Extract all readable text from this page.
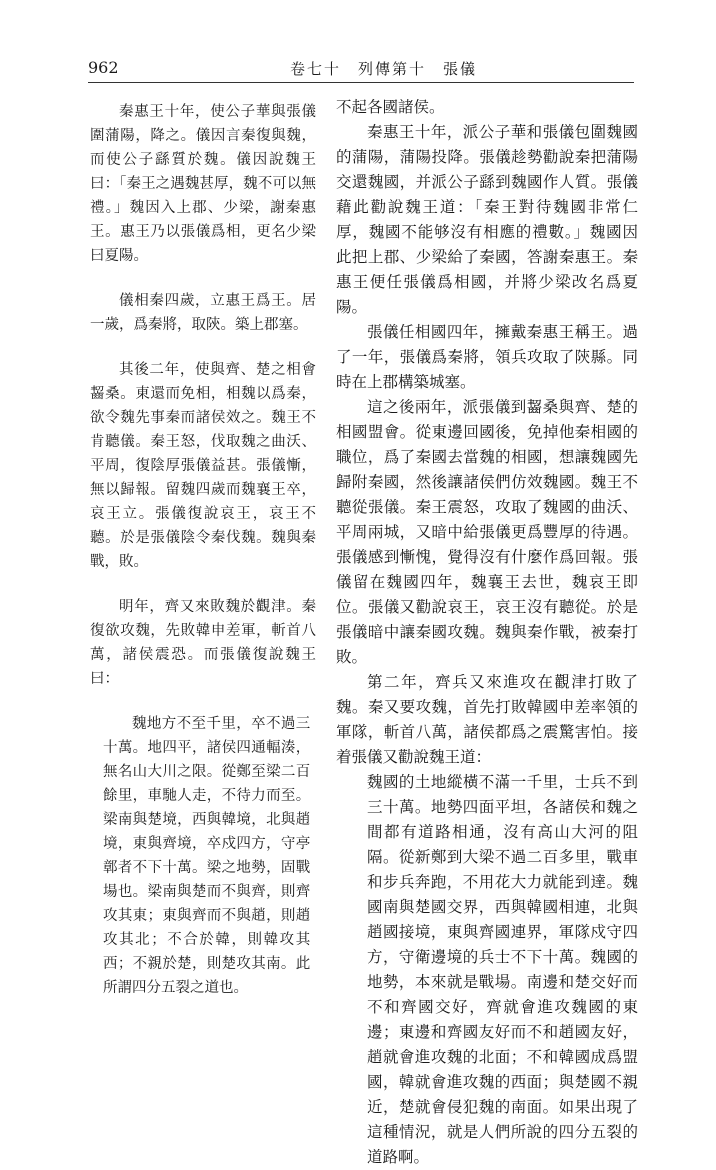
962	卷七十　列傳第十　張儀

秦惠王十年，使公子華與張儀圍蒲陽，降之。儀因言秦復與魏，而使公子繇質於魏。儀因說魏王曰：「秦王之遇魏甚厚，魏不可以無禮。」魏因入上郡、少梁，謝秦惠王。惠王乃以張儀爲相，更名少梁曰夏陽。

儀相秦四歲，立惠王爲王。居一歲，爲秦將，取陝。築上郡塞。

其後二年，使與齊、楚之相會齧桑。東還而免相，相魏以爲秦，欲令魏先事秦而諸侯效之。魏王不肯聽儀。秦王怒，伐取魏之曲沃、平周，復陰厚張儀益甚。張儀慚，無以歸報。留魏四歲而魏襄王卒，哀王立。張儀復說哀王，哀王不聽。於是張儀陰令秦伐魏。魏與秦戰，敗。

明年，齊又來敗魏於觀津。秦復欲攻魏，先敗韓申差軍，斬首八萬，諸侯震恐。而張儀復說魏王曰：

魏地方不至千里，卒不過三十萬。地四平，諸侯四通輻湊，無名山大川之限。從鄭至梁二百餘里，車馳人走，不待力而至。梁南與楚境，西與韓境，北與趙境，東與齊境，卒戍四方，守亭鄣者不下十萬。梁之地勢，固戰場也。梁南與楚而不與齊，則齊攻其東；東與齊而不與趙，則趙攻其北；不合於韓，則韓攻其西；不親於楚，則楚攻其南。此所謂四分五裂之道也。

不起各國諸侯。

秦惠王十年，派公子華和張儀包圍魏國的蒲陽，蒲陽投降。張儀趁勢勸說秦把蒲陽交還魏國，并派公子繇到魏國作人質。張儀藉此勸說魏王道：「秦王對待魏國非常仁厚，魏國不能够沒有相應的禮數。」魏國因此把上郡、少梁給了秦國，答謝秦惠王。秦惠王便任張儀爲相國，并將少梁改名爲夏陽。

張儀任相國四年，擁戴秦惠王稱王。過了一年，張儀爲秦將，領兵攻取了陝縣。同時在上郡構築城塞。

這之後兩年，派張儀到齧桑與齊、楚的相國盟會。從東邊回國後，免掉他秦相國的職位，爲了秦國去當魏的相國，想讓魏國先歸附秦國，然後讓諸侯們仿效魏國。魏王不聽從張儀。秦王震怒，攻取了魏國的曲沃、平周兩城，又暗中給張儀更爲豐厚的待遇。張儀感到慚愧，覺得沒有什麼作爲回報。張儀留在魏國四年，魏襄王去世，魏哀王即位。張儀又勸說哀王，哀王沒有聽從。於是張儀暗中讓秦國攻魏。魏與秦作戰，被秦打敗。

第二年，齊兵又來進攻在觀津打敗了魏。秦又要攻魏，首先打敗韓國申差率領的軍隊，斬首八萬，諸侯都爲之震驚害怕。接着張儀又勸說魏王道：

魏國的土地縱橫不滿一千里，士兵不到三十萬。地勢四面平坦，各諸侯和魏之間都有道路相通，沒有高山大河的阻隔。從新鄭到大梁不過二百多里，戰車和步兵奔跑，不用花大力就能到達。魏國南與楚國交界，西與韓國相連，北與趙國接境，東與齊國連界，軍隊戍守四方，守衛邊境的兵士不下十萬。魏國的地勢，本來就是戰場。南邊和楚交好而不和齊國交好，齊就會進攻魏國的東邊；東邊和齊國友好而不和趙國友好，趙就會進攻魏的北面；不和韓國成爲盟國，韓就會進攻魏的西面；與楚國不親近，楚就會侵犯魏的南面。如果出現了這種情況，就是人們所說的四分五裂的道路啊。
